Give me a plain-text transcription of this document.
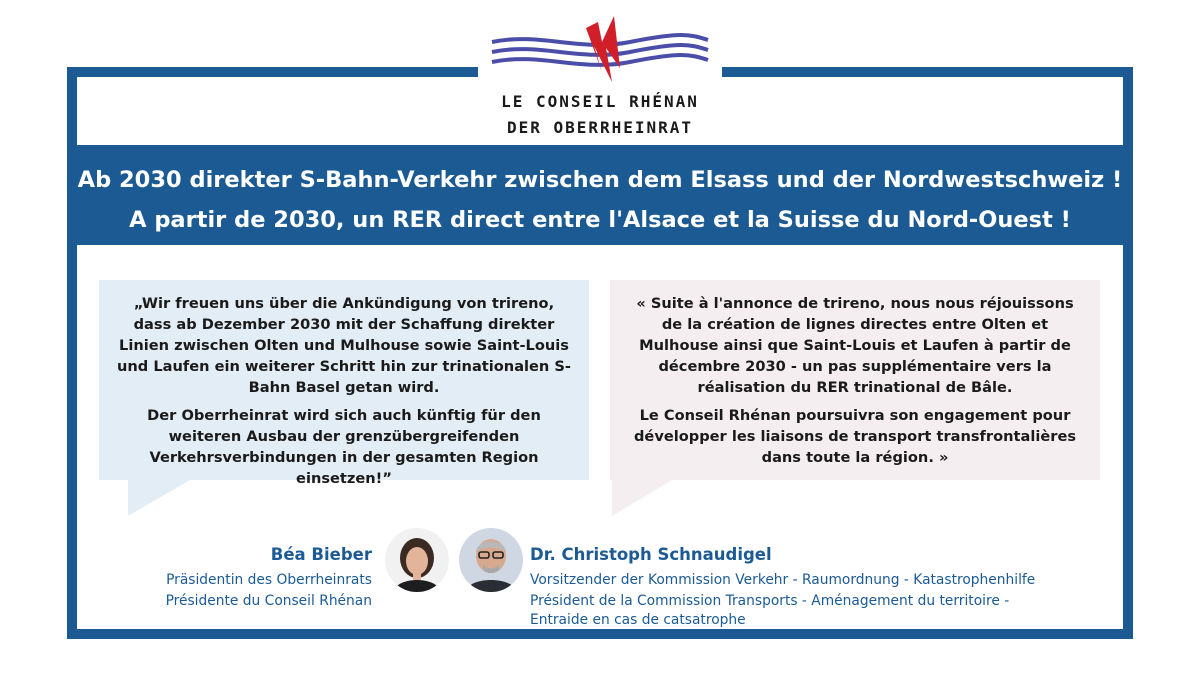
LE CONSEIL RHÉNAN
DER OBERRHEINRAT
Ab 2030 direkter S-Bahn-Verkehr zwischen dem Elsass und der Nordwestschweiz !
A partir de 2030, un RER direct entre l'Alsace et la Suisse du Nord-Ouest !

„Wir freuen uns über die Ankündigung von trireno, dass ab Dezember 2030 mit der Schaffung direkter Linien zwischen Olten und Mulhouse sowie Saint-Louis und Laufen ein weiterer Schritt hin zur trinationalen S-Bahn Basel getan wird.

Der Oberrheinrat wird sich auch künftig für den weiteren Ausbau der grenzübergreifenden Verkehrsverbindungen in der gesamten Region einsetzen!”

« Suite à l'annonce de trireno, nous nous réjouissons de la création de lignes directes entre Olten et Mulhouse ainsi que Saint-Louis et Laufen à partir de décembre 2030 - un pas supplémentaire vers la réalisation du RER trinational de Bâle.

Le Conseil Rhénan poursuivra son engagement pour développer les liaisons de transport transfrontalières dans toute la région. »

Béa Bieber
Präsidentin des Oberrheinrats
Présidente du Conseil Rhénan
Dr. Christoph Schnaudigel
Vorsitzender der Kommission Verkehr - Raumordnung - Katastrophenhilfe
Président de la Commission Transports - Aménagement du territoire -
Entraide en cas de catsatrophe
